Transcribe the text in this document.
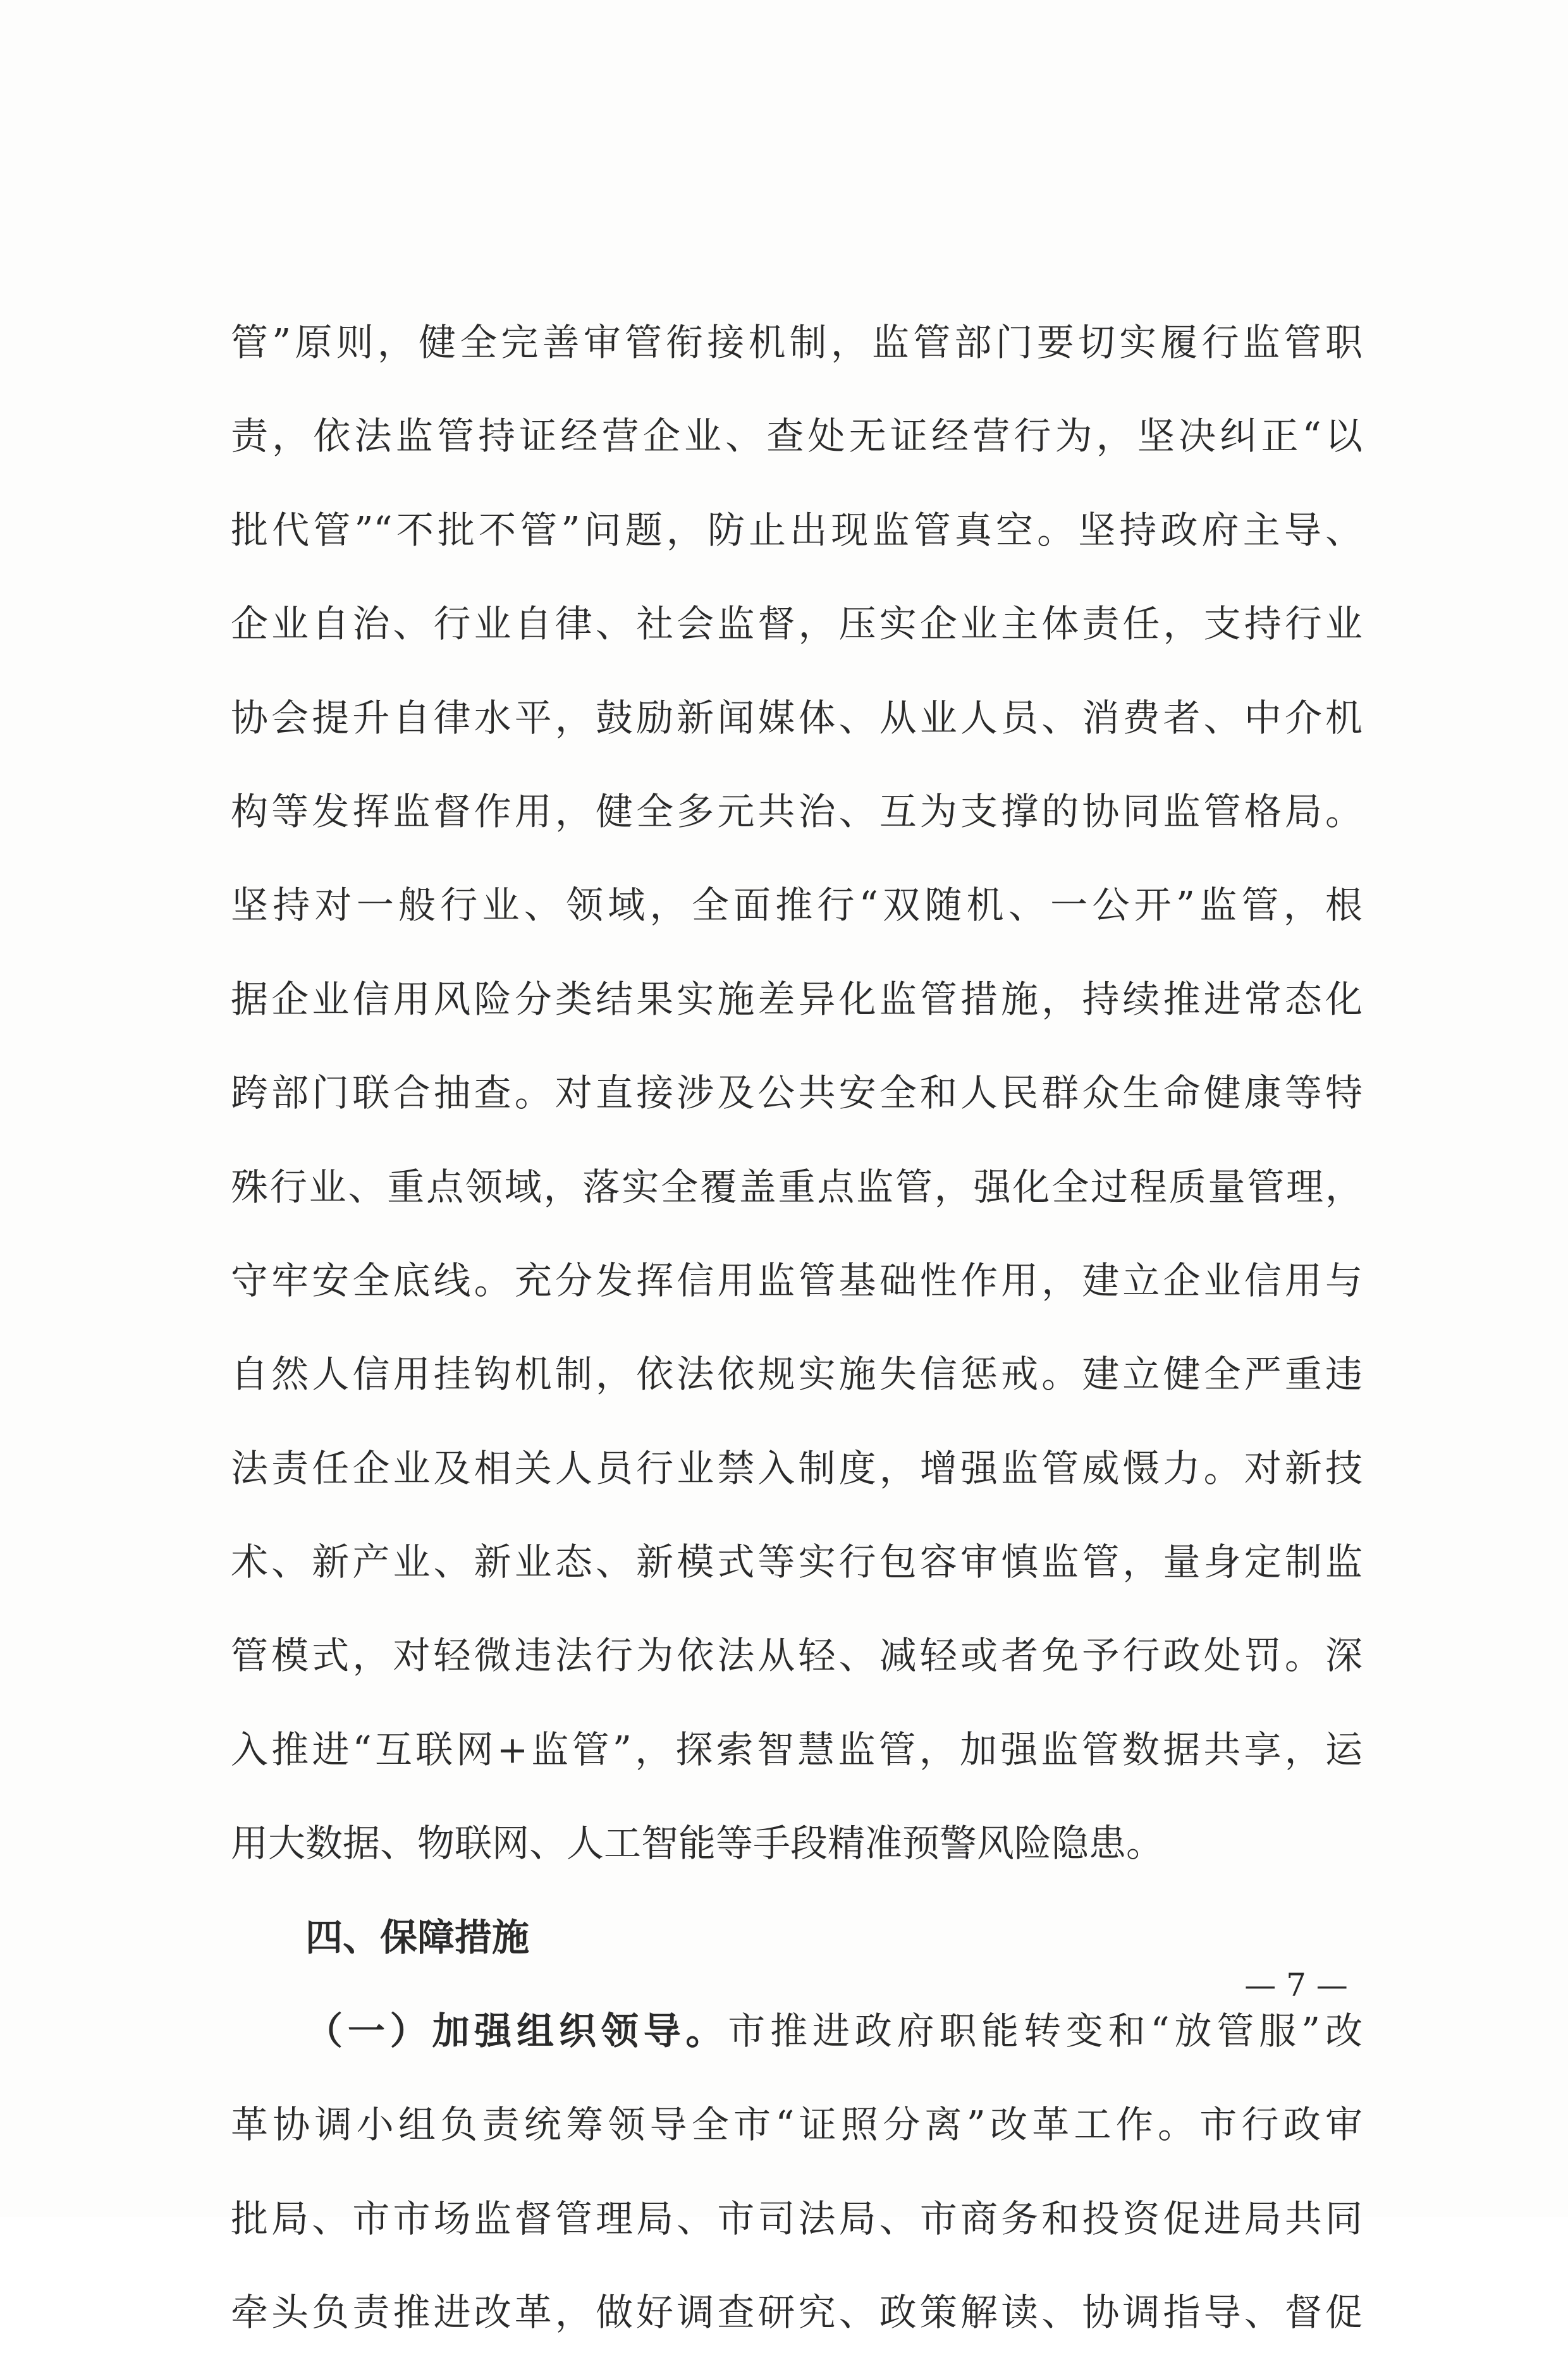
管”原则，健全完善审管衔接机制，监管部门要切实履行监管职
责，依法监管持证经营企业、查处无证经营行为，坚决纠正“以
批代管”“不批不管”问题，防止出现监管真空。坚持政府主导、
企业自治、行业自律、社会监督，压实企业主体责任，支持行业
协会提升自律水平，鼓励新闻媒体、从业人员、消费者、中介机
构等发挥监督作用，健全多元共治、互为支撑的协同监管格局。
坚持对一般行业、领域，全面推行“双随机、一公开”监管，根
据企业信用风险分类结果实施差异化监管措施，持续推进常态化
跨部门联合抽查。对直接涉及公共安全和人民群众生命健康等特
殊行业、重点领域，落实全覆盖重点监管，强化全过程质量管理，
守牢安全底线。充分发挥信用监管基础性作用，建立企业信用与
自然人信用挂钩机制，依法依规实施失信惩戒。建立健全严重违
法责任企业及相关人员行业禁入制度，增强监管威慑力。对新技
术、新产业、新业态、新模式等实行包容审慎监管，量身定制监
管模式，对轻微违法行为依法从轻、减轻或者免予行政处罚。深
入推进“互联网+监管”，探索智慧监管，加强监管数据共享，运
用大数据、物联网、人工智能等手段精准预警风险隐患。
四、保障措施
（一）加强组织领导。市推进政府职能转变和“放管服”改
革协调小组负责统筹领导全市“证照分离”改革工作。市行政审
批局、市市场监督管理局、市司法局、市商务和投资促进局共同
牵头负责推进改革，做好调查研究、政策解读、协调指导、督促
— 7 —
